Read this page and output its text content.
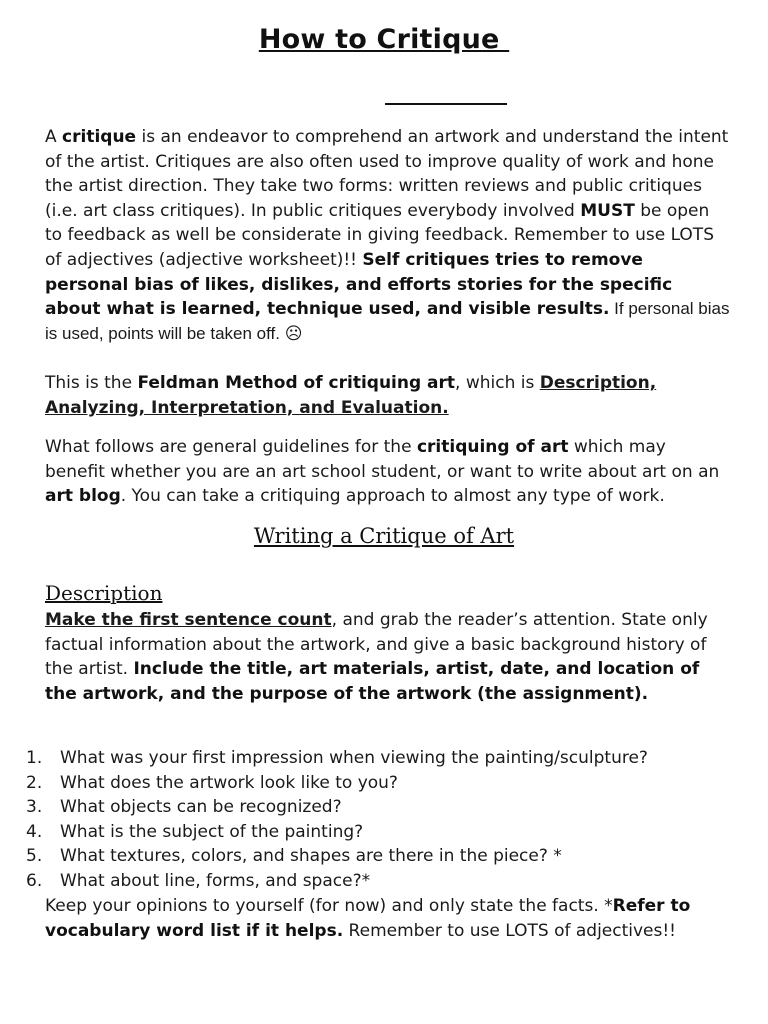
How to Critique

A critique is an endeavor to comprehend an artwork and understand the intent of the artist. Critiques are also often used to improve quality of work and hone the artist direction. They take two forms: written reviews and public critiques (i.e. art class critiques). In public critiques everybody involved MUST be open to feedback as well be considerate in giving feedback. Remember to use LOTS of adjectives (adjective worksheet)!! Self critiques tries to remove personal bias of likes, dislikes, and efforts stories for the specific about what is learned, technique used, and visible results. If personal bias is used, points will be taken off. ☹

This is the Feldman Method of critiquing art, which is Description, Analyzing, Interpretation, and Evaluation.

What follows are general guidelines for the critiquing of art which may benefit whether you are an art school student, or want to write about art on an art blog. You can take a critiquing approach to almost any type of work.

Writing a Critique of Art
Description

Make the first sentence count, and grab the reader’s attention. State only factual information about the artwork, and give a basic background history of the artist. Include the title, art materials, artist, date, and location of the artwork, and the purpose of the artwork (the assignment).

1.	What was your first impression when viewing the painting/sculpture?
2.	What does the artwork look like to you?
3.	What objects can be recognized?
4.	What is the subject of the painting?
5.	What textures, colors, and shapes are there in the piece? *
6.	What about line, forms, and space?*

Keep your opinions to yourself (for now) and only state the facts. *Refer to vocabulary word list if it helps. Remember to use LOTS of adjectives!!
